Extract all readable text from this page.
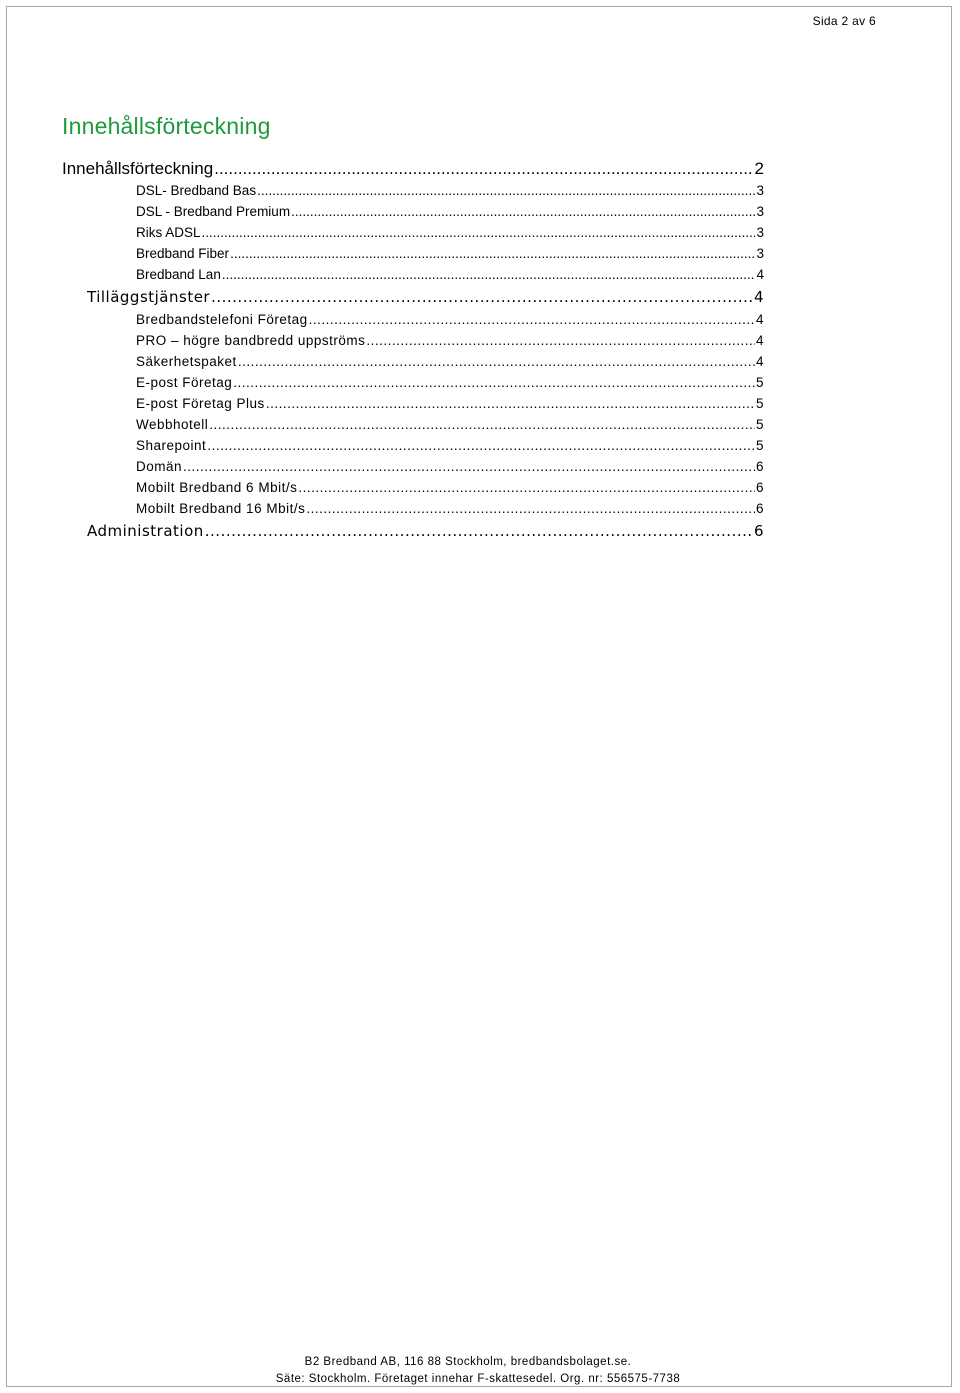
Sida 2 av 6
Innehållsförteckning
Innehållsförteckning .....	2
DSL- Bredband Bas .....	3
DSL - Bredband Premium .....	3
Riks ADSL .....	3
Bredband Fiber .....	3
Bredband Lan .....	4
Tilläggstjänster .....	4
Bredbandstelefoni Företag .....	4
PRO – högre bandbredd uppströms .....	4
Säkerhetspaket .....	4
E-post Företag .....	5
E-post Företag Plus .....	5
Webbhotell .....	5
Sharepoint .....	5
Domän .....	6
Mobilt Bredband 6 Mbit/s .....	6
Mobilt Bredband 16 Mbit/s .....	6
Administration .....	6
B2 Bredband AB, 116 88 Stockholm, bredbandsbolaget.se.
Säte: Stockholm. Företaget innehar F-skattesedel. Org. nr: 556575-7738
